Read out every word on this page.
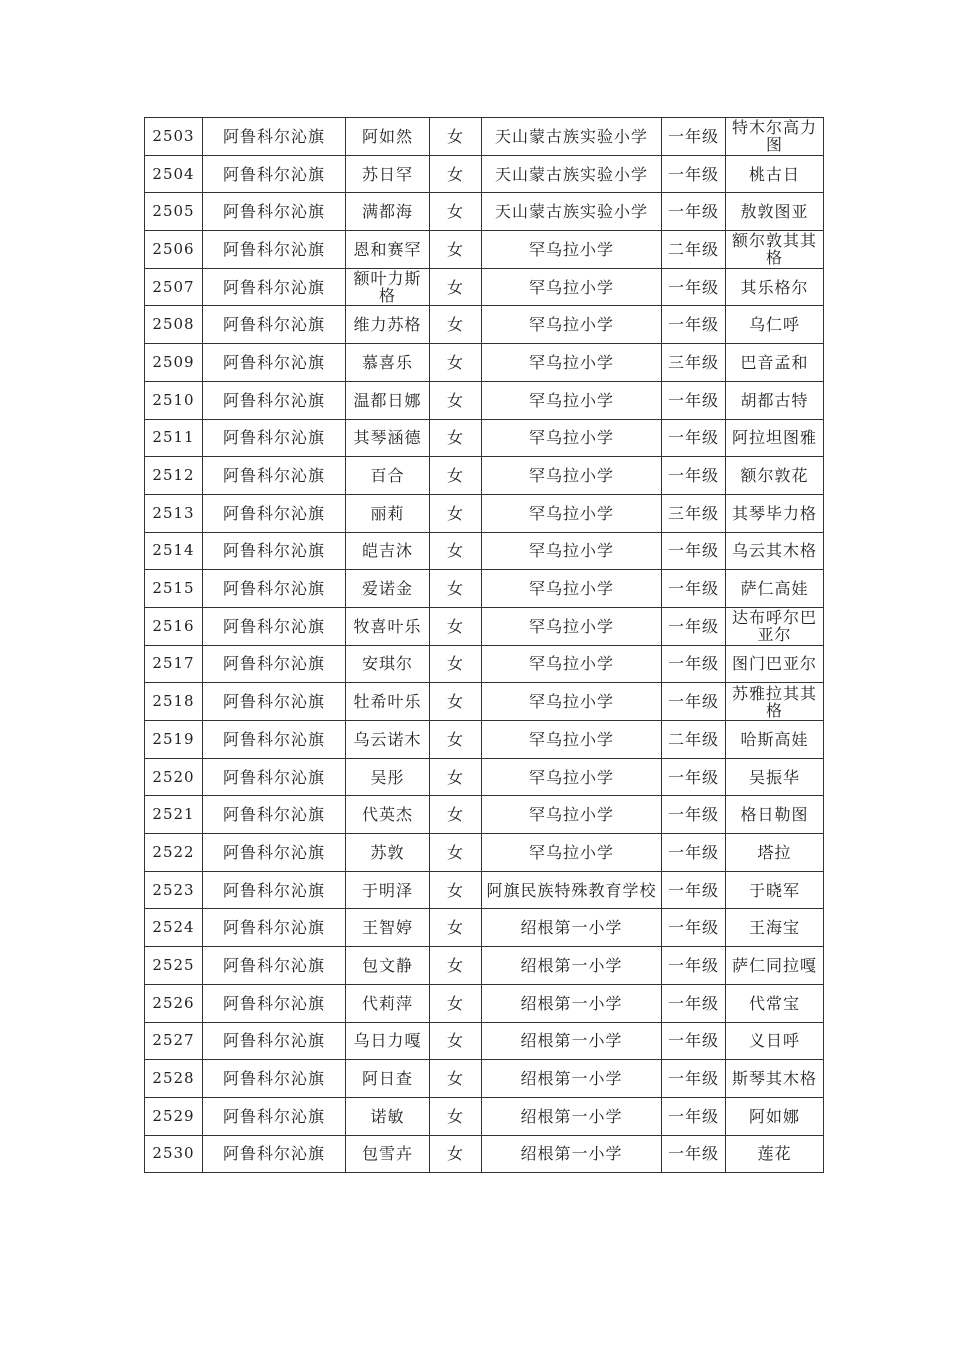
2503	阿鲁科尔沁旗	阿如然	女	天山蒙古族实验小学	一年级	特木尔高力图
2504	阿鲁科尔沁旗	苏日罕	女	天山蒙古族实验小学	一年级	桃古日
2505	阿鲁科尔沁旗	满都海	女	天山蒙古族实验小学	一年级	敖敦图亚
2506	阿鲁科尔沁旗	恩和赛罕	女	罕乌拉小学	二年级	额尔敦其其格
2507	阿鲁科尔沁旗	额叶力斯格	女	罕乌拉小学	一年级	其乐格尔
2508	阿鲁科尔沁旗	维力苏格	女	罕乌拉小学	一年级	乌仁呼
2509	阿鲁科尔沁旗	慕喜乐	女	罕乌拉小学	三年级	巴音孟和
2510	阿鲁科尔沁旗	温都日娜	女	罕乌拉小学	一年级	胡都古特
2511	阿鲁科尔沁旗	其琴涵德	女	罕乌拉小学	一年级	阿拉坦图雅
2512	阿鲁科尔沁旗	百合	女	罕乌拉小学	一年级	额尔敦花
2513	阿鲁科尔沁旗	丽莉	女	罕乌拉小学	三年级	其琴毕力格
2514	阿鲁科尔沁旗	皑吉沐	女	罕乌拉小学	一年级	乌云其木格
2515	阿鲁科尔沁旗	爱诺金	女	罕乌拉小学	一年级	萨仁高娃
2516	阿鲁科尔沁旗	牧喜叶乐	女	罕乌拉小学	一年级	达布呼尔巴亚尔
2517	阿鲁科尔沁旗	安琪尔	女	罕乌拉小学	一年级	图门巴亚尔
2518	阿鲁科尔沁旗	牡希叶乐	女	罕乌拉小学	一年级	苏雅拉其其格
2519	阿鲁科尔沁旗	乌云诺木	女	罕乌拉小学	二年级	哈斯高娃
2520	阿鲁科尔沁旗	吴彤	女	罕乌拉小学	一年级	吴振华
2521	阿鲁科尔沁旗	代英杰	女	罕乌拉小学	一年级	格日勒图
2522	阿鲁科尔沁旗	苏敦	女	罕乌拉小学	一年级	塔拉
2523	阿鲁科尔沁旗	于明泽	女	阿旗民族特殊教育学校	一年级	于晓军
2524	阿鲁科尔沁旗	王智婷	女	绍根第一小学	一年级	王海宝
2525	阿鲁科尔沁旗	包文静	女	绍根第一小学	一年级	萨仁同拉嘎
2526	阿鲁科尔沁旗	代莉萍	女	绍根第一小学	一年级	代常宝
2527	阿鲁科尔沁旗	乌日力嘎	女	绍根第一小学	一年级	义日呼
2528	阿鲁科尔沁旗	阿日查	女	绍根第一小学	一年级	斯琴其木格
2529	阿鲁科尔沁旗	诺敏	女	绍根第一小学	一年级	阿如娜
2530	阿鲁科尔沁旗	包雪卉	女	绍根第一小学	一年级	莲花
